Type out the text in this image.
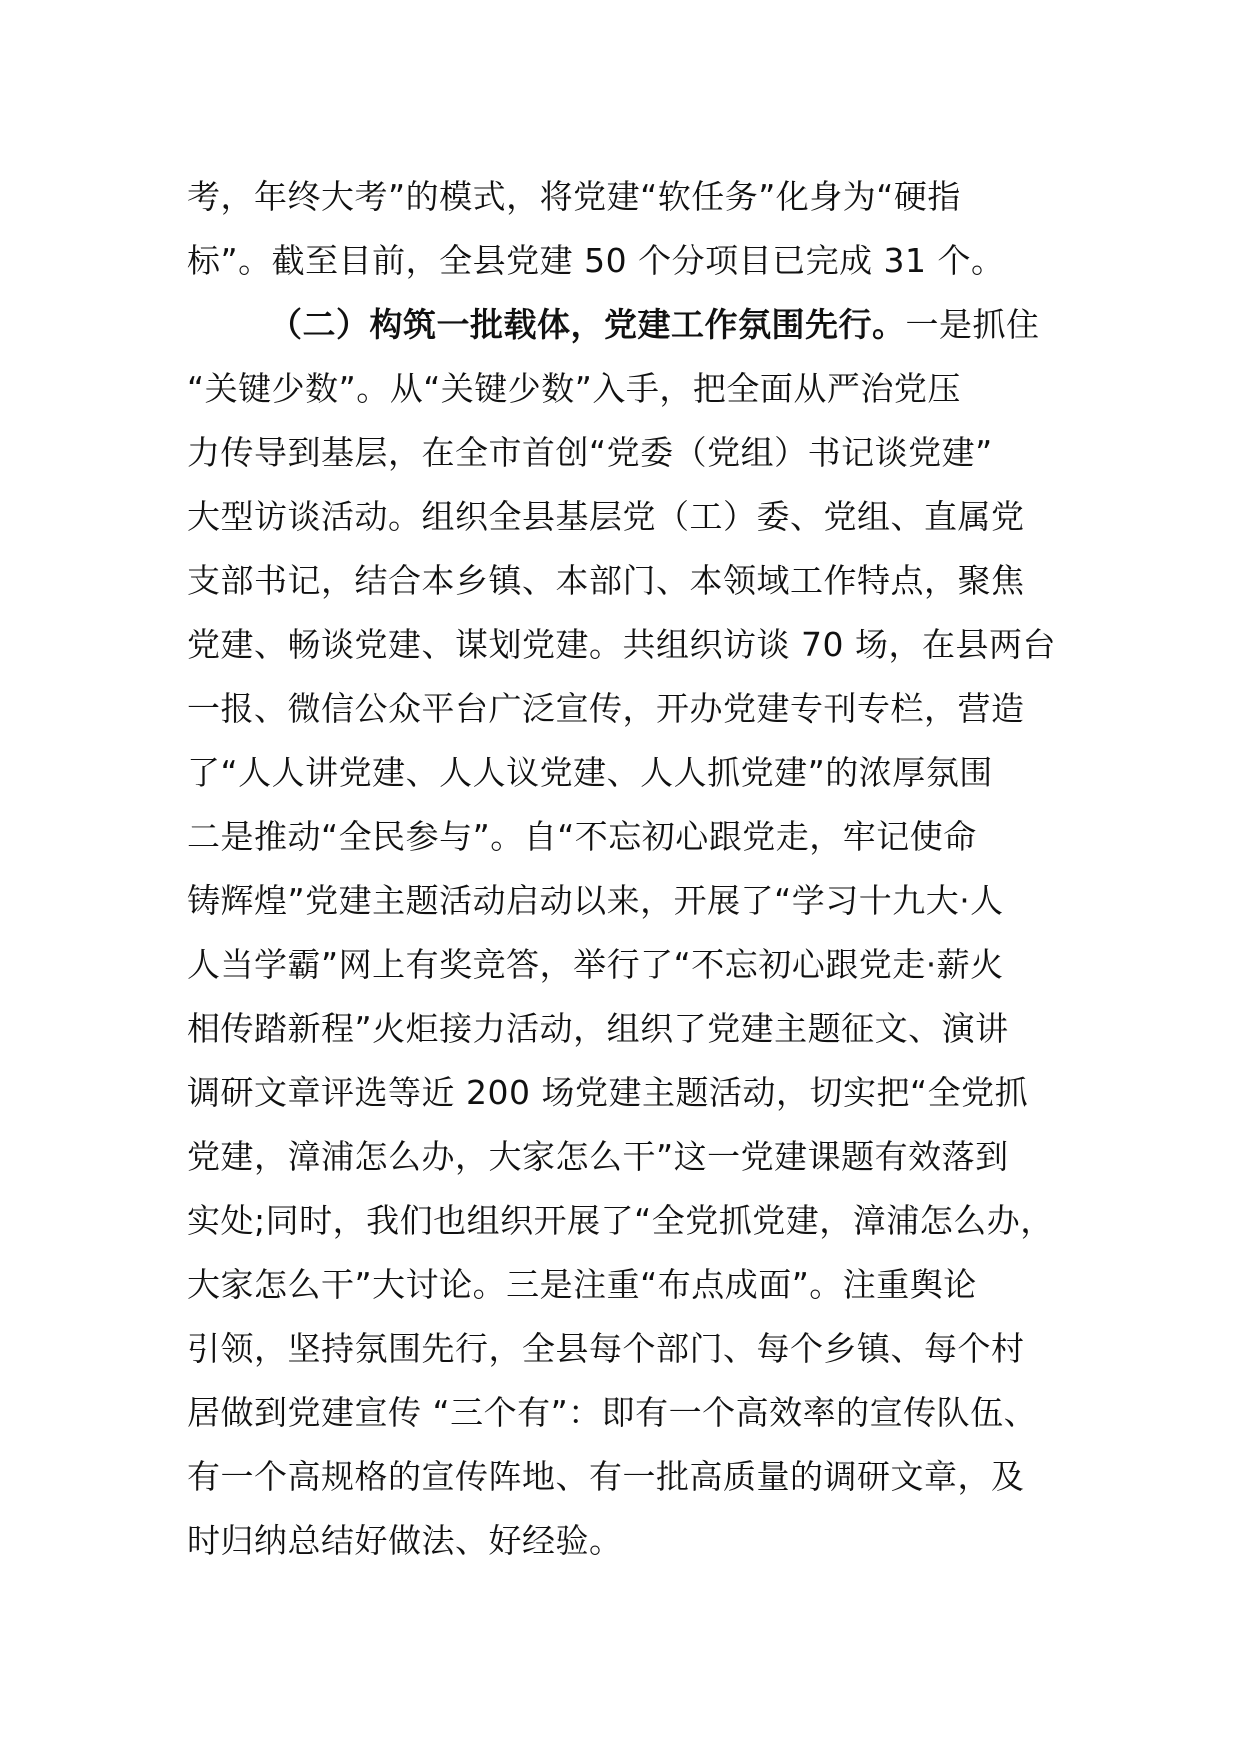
考，年终大考”的模式，将党建“软任务”化身为“硬指
标”。截至目前，全县党建 50 个分项目已完成 31 个。
（二）构筑一批载体，党建工作氛围先行。一是抓住
“关键少数”。从“关键少数”入手，把全面从严治党压
力传导到基层，在全市首创“党委（党组）书记谈党建”
大型访谈活动。组织全县基层党（工）委、党组、直属党
支部书记，结合本乡镇、本部门、本领域工作特点，聚焦
党建、畅谈党建、谋划党建。共组织访谈 70 场，在县两台
一报、微信公众平台广泛宣传，开办党建专刊专栏，营造
了“人人讲党建、人人议党建、人人抓党建”的浓厚氛围
二是推动“全民参与”。自“不忘初心跟党走，牢记使命
铸辉煌”党建主题活动启动以来，开展了“学习十九大·人
人当学霸”网上有奖竞答，举行了“不忘初心跟党走·薪火
相传踏新程”火炬接力活动，组织了党建主题征文、演讲
调研文章评选等近 200 场党建主题活动，切实把“全党抓
党建，漳浦怎么办，大家怎么干”这一党建课题有效落到
实处;同时，我们也组织开展了“全党抓党建，漳浦怎么办，
大家怎么干”大讨论。三是注重“布点成面”。注重舆论
引领，坚持氛围先行，全县每个部门、每个乡镇、每个村
居做到党建宣传 “三个有”：即有一个高效率的宣传队伍、
有一个高规格的宣传阵地、有一批高质量的调研文章，及
时归纳总结好做法、好经验。
